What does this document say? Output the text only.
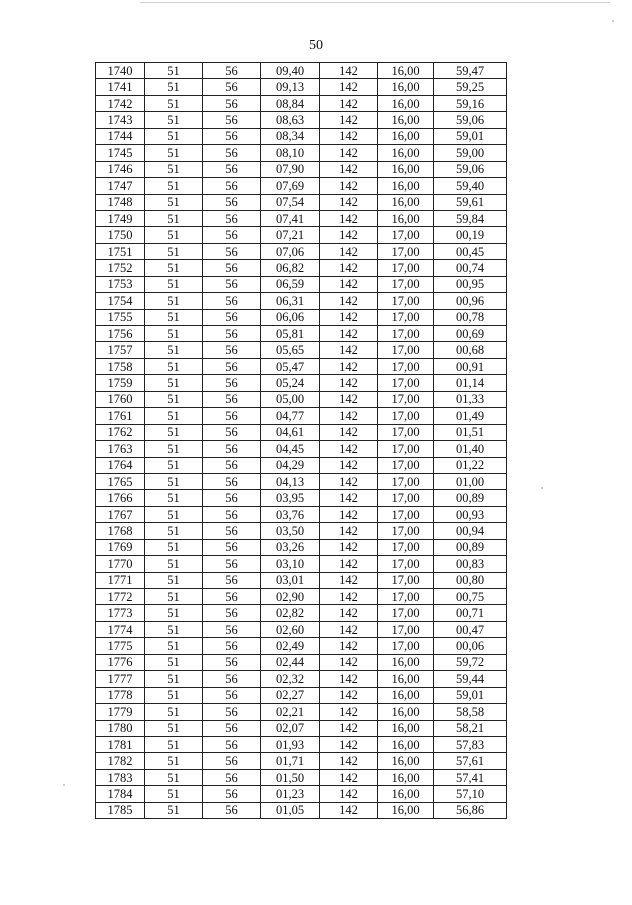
50
1740	51	56	09,40	142	16,00	59,47
1741	51	56	09,13	142	16,00	59,25
1742	51	56	08,84	142	16,00	59,16
1743	51	56	08,63	142	16,00	59,06
1744	51	56	08,34	142	16,00	59,01
1745	51	56	08,10	142	16,00	59,00
1746	51	56	07,90	142	16,00	59,06
1747	51	56	07,69	142	16,00	59,40
1748	51	56	07,54	142	16,00	59,61
1749	51	56	07,41	142	16,00	59,84
1750	51	56	07,21	142	17,00	00,19
1751	51	56	07,06	142	17,00	00,45
1752	51	56	06,82	142	17,00	00,74
1753	51	56	06,59	142	17,00	00,95
1754	51	56	06,31	142	17,00	00,96
1755	51	56	06,06	142	17,00	00,78
1756	51	56	05,81	142	17,00	00,69
1757	51	56	05,65	142	17,00	00,68
1758	51	56	05,47	142	17,00	00,91
1759	51	56	05,24	142	17,00	01,14
1760	51	56	05,00	142	17,00	01,33
1761	51	56	04,77	142	17,00	01,49
1762	51	56	04,61	142	17,00	01,51
1763	51	56	04,45	142	17,00	01,40
1764	51	56	04,29	142	17,00	01,22
1765	51	56	04,13	142	17,00	01,00
1766	51	56	03,95	142	17,00	00,89
1767	51	56	03,76	142	17,00	00,93
1768	51	56	03,50	142	17,00	00,94
1769	51	56	03,26	142	17,00	00,89
1770	51	56	03,10	142	17,00	00,83
1771	51	56	03,01	142	17,00	00,80
1772	51	56	02,90	142	17,00	00,75
1773	51	56	02,82	142	17,00	00,71
1774	51	56	02,60	142	17,00	00,47
1775	51	56	02,49	142	17,00	00,06
1776	51	56	02,44	142	16,00	59,72
1777	51	56	02,32	142	16,00	59,44
1778	51	56	02,27	142	16,00	59,01
1779	51	56	02,21	142	16,00	58,58
1780	51	56	02,07	142	16,00	58,21
1781	51	56	01,93	142	16,00	57,83
1782	51	56	01,71	142	16,00	57,61
1783	51	56	01,50	142	16,00	57,41
1784	51	56	01,23	142	16,00	57,10
1785	51	56	01,05	142	16,00	56,86
